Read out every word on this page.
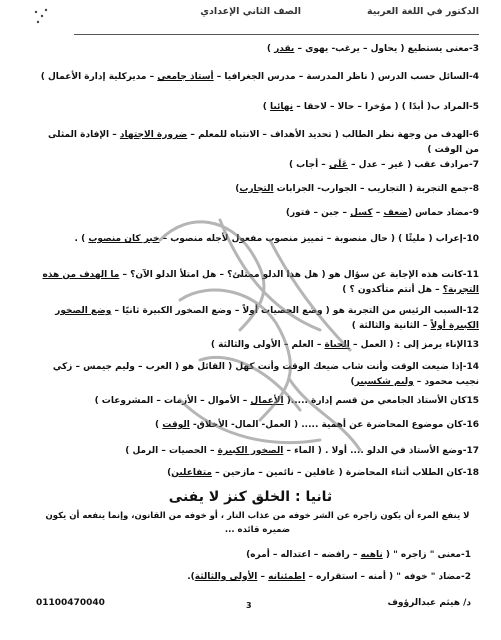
الدكتور في اللغة العربية
الصف الثاني الإعدادي
3-معنى يستطيع ( يحاول – يرغب- يهوى – يقدر )
4-السائل حسب الدرس ( ناظر المدرسة – مدرس الجغرافيا – أستاذ جامعي – مديركلية إدارة الأعمال )
5-المراد ب( أبدًا ) ( مؤخرا – حالا – لاحقا – نهائيا )
6-الهدف من وجهة نظر الطالب ( تحديد الأهداف – الانتباه للمعلم – ضرورة الاجتهاد – الإفادة المثلى من الوقت )
7-مرادف عقب ( غير – عدل – عَلَى – أجاب )
8-جمع التجربة ( التجاريب – الجوارب- الجرابات التجارب)
9-مضاد حماس (ضعف – كسل – جبن – فتور)
10-إعراب ( مليئًا ) ( حال منصوبة – تمييز منصوب مفعول لأجله منصوب – خبر كان منصوب ) .
11-كانت هذه الإجابة عن سؤال هو ( هل هذا الدلو ممتلئ؟ – هل امتلأ الدلو الآن؟ – ما الهدف من هذه التجربة؟ – هل أنتم متأكدون ؟ )
12-السبب الرئيس من التجربة هو ( وضع الحصيات أولاً – وضع الصخور الكبيرة ثانيًا – وضع الصخور الكبيرة أولاً – الثانية والثالثة )
13الإناء يرمز إلى : ( العمل – الحياة – العلم – الأولى والثالثة )
14-إذا ضيعت الوقت وأنت شاب ضيعك الوقت وأنت كهل ( القائل هو ( العرب – وليم جيمس – زكي نجيب محمود – وليم شكسبير)
15كان الأستاذ الجامعي من قسم إدارة .....( الأعمال – الأموال – الأزمات – المشروعات )
16-كان موضوع المحاضرة عن أهمية ..... ( العمل- المال- الأخلاق- الوقت )
17-وضع الأستاذ في الدلو .... أولا . ( الماء – الصخور الكبيرة – الحصيات – الرمل )
18-كان الطلاب أثناء المحاضرة ( غافلين – نائمين – مازحين – متفاعلين)
ثانيا : الخلق كنز لا يفنى
لا ينفع المرء أن يكون زاجره عن الشر خوفه من عذاب النار ، أو خوفه من القانون، وإنما ينفعه أن يكون ضميره قائده ...
1-معنى " زاجره " ( ناهيه – رافضه – اعتداله – أمره)
2-مضاد " خوفه " ( أمنه – استقراره – اطمئنانه – الأولى والثالثة).
01100470040	3	د/ هيثم عبدالرؤوف
